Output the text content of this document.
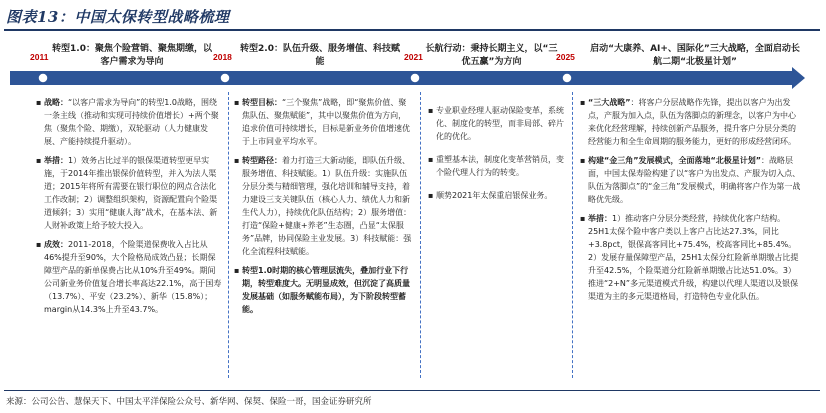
图表13：中国太保转型战略梳理
转型1.0：聚焦个险营销、聚焦期缴，以客户需求为导向
转型2.0：队伍升级、服务增值、科技赋能
长航行动：秉持长期主义，以“三优五赢”为方向
启动“大康养、AI+、国际化”三大战略，全面启动长航二期“北极星计划”
2011	2018	2021	2025
▪ 战略：“以客户需求为导向”的转型1.0战略，围绕一条主线（推动和实现可持续价值增长）+两个聚焦（聚焦个险、期缴），双轮驱动（人力健康发展、产能持续提升驱动）。
▪ 举措：1）效务占比过半的银保渠道转型更早实施，于2014年推出银保价值转型，并入为法人渠道；2015年将所有需要在银行职位的网点合法化工作改制；2）调整组织架构，资源配置向个险渠道倾斜；3）实用“健康人海”战术，在基本法、新人财补政策上给予较大投入。
▪ 成效：2011-2018，个险渠道保费收入占比从46%提升至90%，大个险格局成效凸显；长期保障型产品的新单保费占比从10%升至49%。期间公司新业务价值复合增长率高达22.1%，高于国寿（13.7%）、平安（23.2%）、新华（15.8%）；margin从14.3%上升至43.7%。
▪ 转型目标：“三个聚焦”战略，即“聚焦价值、聚焦队伍、聚焦赋能”，其中以聚焦价值为方向，追求价值可持续增长，目标是新业务价值增速优于上市同业平均水平。
▪ 转型路径：着力打造三大新动能，即队伍升级、服务增值、科技赋能。1）队伍升级：实施队伍分层分类与精细管理，强化培训和辅导支持，着力建设三支关键队伍（核心人力、绩优人力和新生代人力），持续优化队伍结构；2）服务增值：打造“保险+健康+养老”生态圈，凸显“太保服务”品牌，协同保险主业发展。3）科技赋能：强化全流程科技赋能。
▪ 转型1.0时期的核心管理层流失，叠加行业下行期，转型难度大。无明显成效，但沉淀了高质量发展基础（如服务赋能布局），为下阶段转型蓄能。
▪ 专业职业经理人驱动保险变革，系统化、制度化的转型，而非局部、碎片化的优化。
▪ 重塑基本法，制度化变革营销员，变个险代理人行为的转变。
▪ 顺势2021年太保重启银保业务。
▪ “三大战略”：将客户分层战略作先锋，提出以客户为出发点，产服为加入点，队伍为落脚点的新理念，以客户为中心来优化经营理解，持续创新产品服务，提升客户分层分类的经营能力和全生命周期的服务能力，更好的形成经营闭环。
▪ 构建“金三角”发展模式，全面落地“北极星计划”：战略层面，中国太保寿险构建了以“客户为出发点、产服为切入点、队伍为落脚点”的“金三角”发展模式，明确将客户作为第一战略优先级。
▪ 举措：1）推动客户分层分类经营，持续优化客户结构。25H1太保个险中客户类以上客户占比达27.3%，同比+3.8pct，银保高客同比+75.4%，校高客同比+85.4%。2）发展存量保障型产品，25H1太保分红险新单期缴占比提升至42.5%，个险渠道分红险新单期缴占比达51.0%。3）推进“2+N”多元渠道模式升级，构建以代理人渠道以及银保渠道为主的多元渠道格局，打造特色专业化队伍。
来源：公司公告、慧保天下、中国太平洋保险公众号、新华网、保契、保险一哥，国金证券研究所
